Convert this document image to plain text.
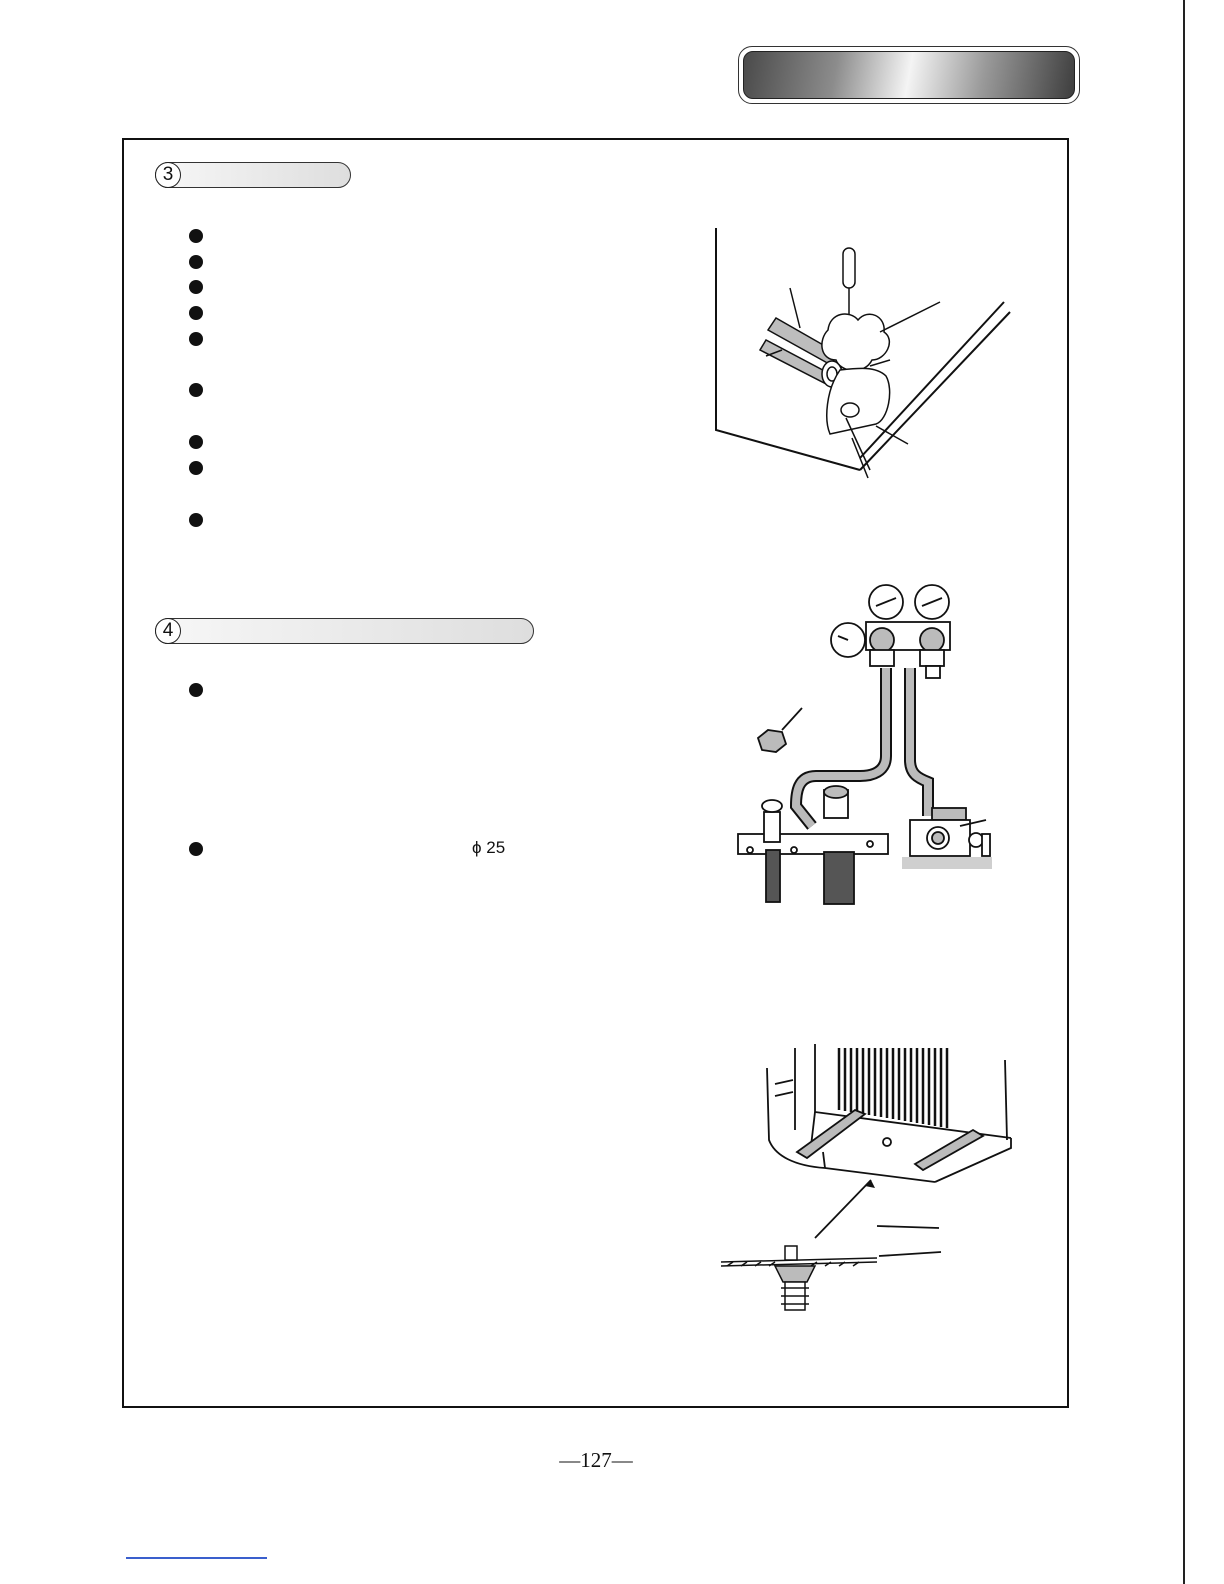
3
4
ϕ 25
—127—
